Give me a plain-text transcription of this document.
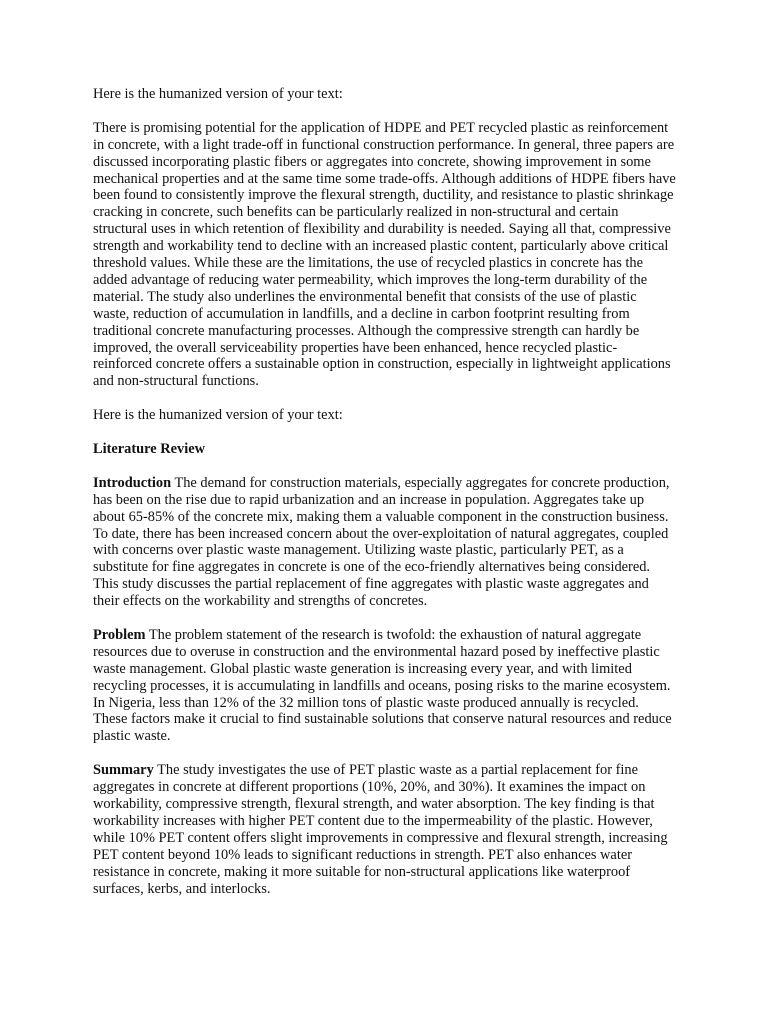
Here is the humanized version of your text:

There is promising potential for the application of HDPE and PET recycled plastic as reinforcement in concrete, with a light trade-off in functional construction performance. In general, three papers are discussed incorporating plastic fibers or aggregates into concrete, showing improvement in some mechanical properties and at the same time some trade-offs. Although additions of HDPE fibers have been found to consistently improve the flexural strength, ductility, and resistance to plastic shrinkage cracking in concrete, such benefits can be particularly realized in non-structural and certain structural uses in which retention of flexibility and durability is needed. Saying all that, compressive strength and workability tend to decline with an increased plastic content, particularly above critical threshold values. While these are the limitations, the use of recycled plastics in concrete has the added advantage of reducing water permeability, which improves the long-term durability of the material. The study also underlines the environmental benefit that consists of the use of plastic waste, reduction of accumulation in landfills, and a decline in carbon footprint resulting from traditional concrete manufacturing processes. Although the compressive strength can hardly be improved, the overall serviceability properties have been enhanced, hence recycled plastic-reinforced concrete offers a sustainable option in construction, especially in lightweight applications and non-structural functions.

Here is the humanized version of your text:

Literature Review

Introduction The demand for construction materials, especially aggregates for concrete production, has been on the rise due to rapid urbanization and an increase in population. Aggregates take up about 65-85% of the concrete mix, making them a valuable component in the construction business. To date, there has been increased concern about the over-exploitation of natural aggregates, coupled with concerns over plastic waste management. Utilizing waste plastic, particularly PET, as a substitute for fine aggregates in concrete is one of the eco-friendly alternatives being considered. This study discusses the partial replacement of fine aggregates with plastic waste aggregates and their effects on the workability and strengths of concretes.

Problem The problem statement of the research is twofold: the exhaustion of natural aggregate resources due to overuse in construction and the environmental hazard posed by ineffective plastic waste management. Global plastic waste generation is increasing every year, and with limited recycling processes, it is accumulating in landfills and oceans, posing risks to the marine ecosystem. In Nigeria, less than 12% of the 32 million tons of plastic waste produced annually is recycled. These factors make it crucial to find sustainable solutions that conserve natural resources and reduce plastic waste.

Summary The study investigates the use of PET plastic waste as a partial replacement for fine aggregates in concrete at different proportions (10%, 20%, and 30%). It examines the impact on workability, compressive strength, flexural strength, and water absorption. The key finding is that workability increases with higher PET content due to the impermeability of the plastic. However, while 10% PET content offers slight improvements in compressive and flexural strength, increasing PET content beyond 10% leads to significant reductions in strength. PET also enhances water resistance in concrete, making it more suitable for non-structural applications like waterproof surfaces, kerbs, and interlocks.
